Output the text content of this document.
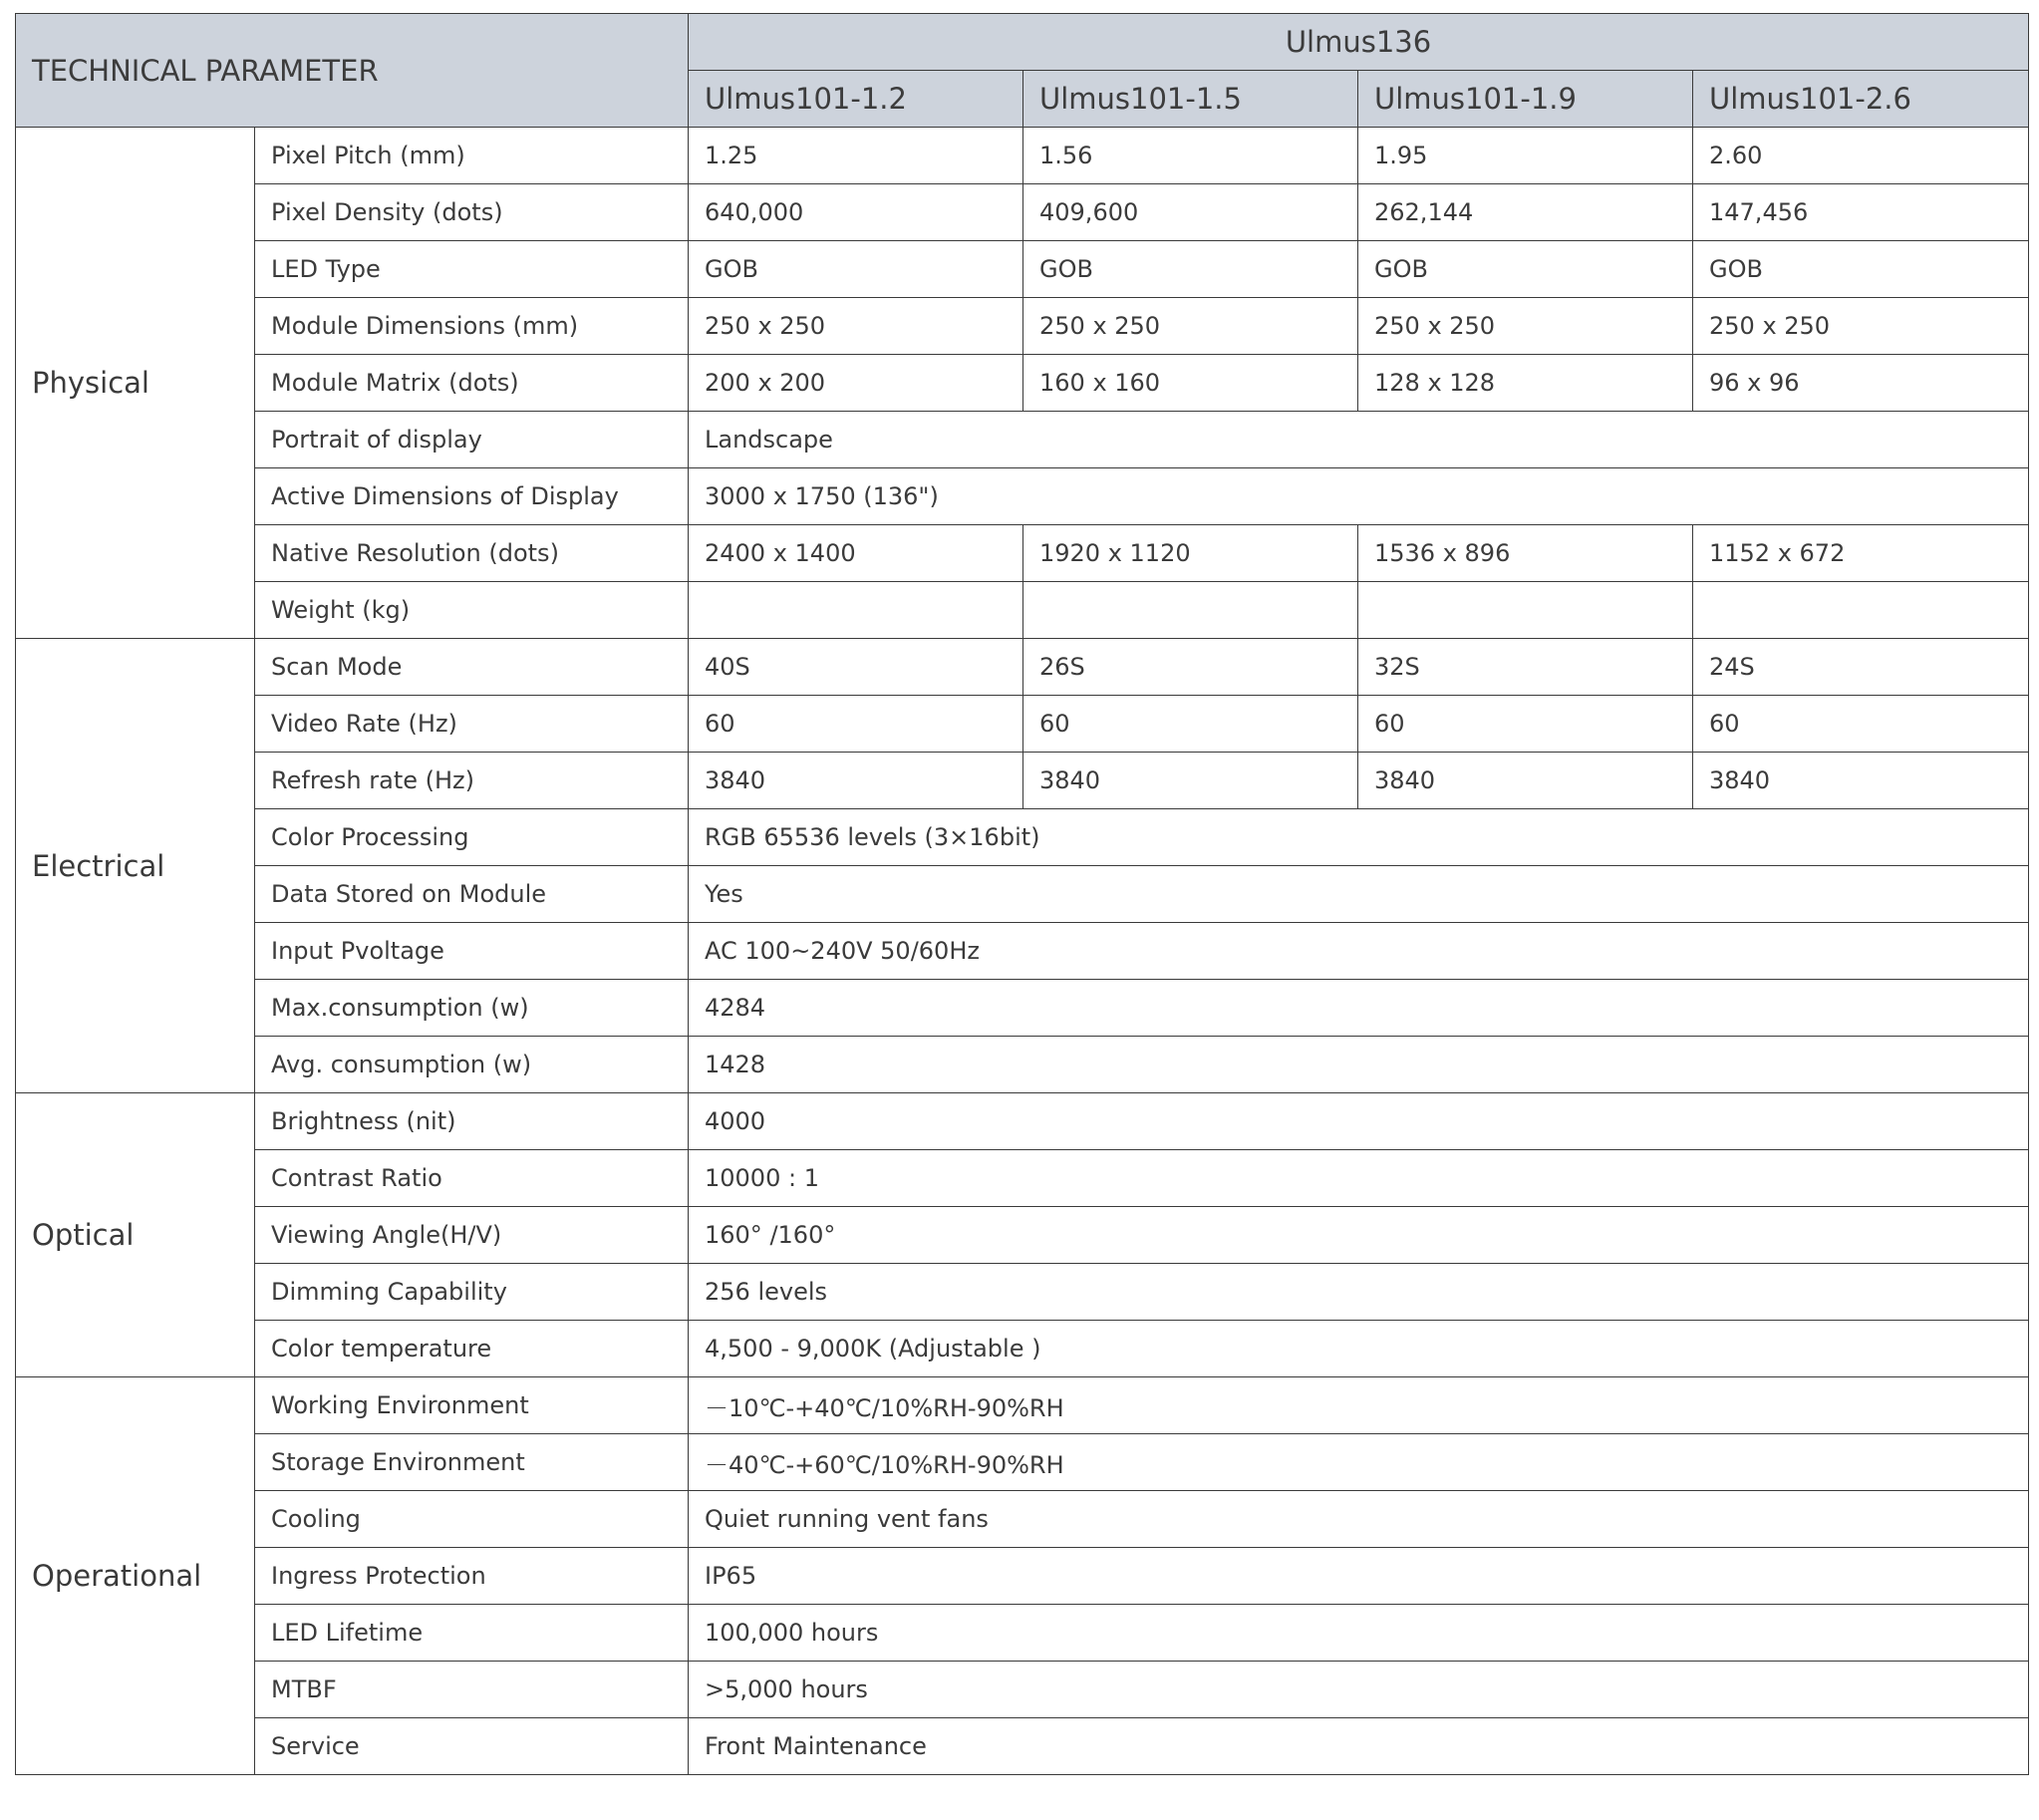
TECHNICAL PARAMETER		Ulmus136			
		Ulmus101-1.2	Ulmus101-1.5	Ulmus101-1.9	Ulmus101-2.6
Physical	Pixel Pitch (mm)	1.25	1.56	1.95	2.60
	Pixel Density (dots)	640,000	409,600	262,144	147,456
	LED Type	GOB	GOB	GOB	GOB
	Module Dimensions (mm)	250 x 250	250 x 250	250 x 250	250 x 250
	Module Matrix (dots)	200 x 200	160 x 160	128 x 128	96 x 96
	Portrait of display	Landscape			
	Active Dimensions of Display	3000 x 1750 (136")			
	Native Resolution (dots)	2400 x 1400	1920 x 1120	1536 x 896	1152 x 672
	Weight (kg)				
Electrical	Scan Mode	40S	26S	32S	24S
	Video Rate (Hz)	60	60	60	60
	Refresh rate (Hz)	3840	3840	3840	3840
	Color Processing	RGB 65536 levels (3×16bit)			
	Data Stored on Module	Yes			
	Input Pvoltage	AC 100~240V 50/60Hz			
	Max.consumption (w)	4284			
	Avg. consumption (w)	1428			
Optical	Brightness (nit)	4000			
	Contrast Ratio	10000 : 1			
	Viewing Angle(H/V)	160° /160°			
	Dimming Capability	256 levels			
	Color temperature	4,500 - 9,000K (Adjustable )			
Operational	Working Environment	－10℃-+40℃/10%RH-90%RH			
	Storage Environment	－40℃-+60℃/10%RH-90%RH			
	Cooling	Quiet running vent fans			
	Ingress Protection	IP65			
	LED Lifetime	100,000 hours			
	MTBF	>5,000 hours			
	Service	Front Maintenance			
